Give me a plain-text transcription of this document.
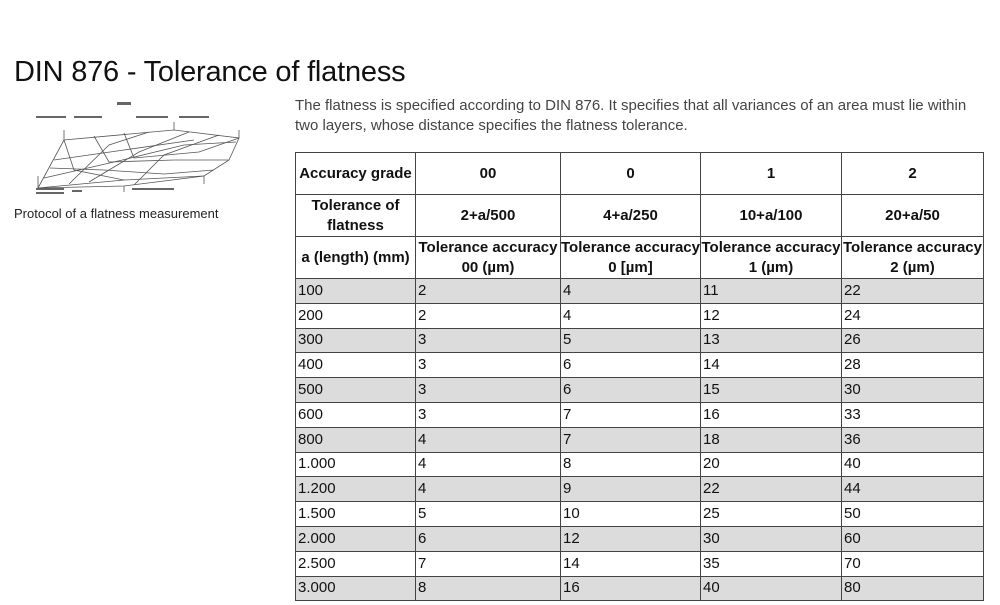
DIN 876 - Tolerance of flatness
Protocol of a flatness measurement

The flatness is specified according to DIN 876. It specifies that all variances of an area must lie within two layers, whose distance specifies the flatness tolerance.

Accuracy grade	00	0	1	2
Tolerance of flatness	2+a/500	4+a/250	10+a/100	20+a/50
a (length) (mm)	Tolerance accuracy 00 (µm)	Tolerance accuracy 0 [µm]	Tolerance accuracy 1 (µm)	Tolerance accuracy 2 (µm)
100	2	4	11	22
200	2	4	12	24
300	3	5	13	26
400	3	6	14	28
500	3	6	15	30
600	3	7	16	33
800	4	7	18	36
1.000	4	8	20	40
1.200	4	9	22	44
1.500	5	10	25	50
2.000	6	12	30	60
2.500	7	14	35	70
3.000	8	16	40	80
